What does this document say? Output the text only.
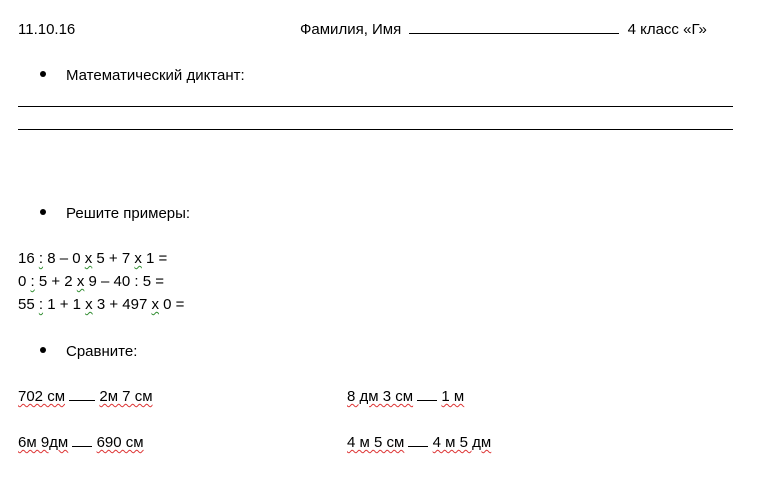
11.10.16	Фамилия, Имя	4 класс «Г»
Математический диктант:
Решите примеры:
16 : 8 – 0 х 5 + 7 х 1 =
0 : 5 + 2 х 9 – 40 : 5 =
55 : 1 + 1 х 3 + 497 х 0 =
Сравните:
702 см 2м 7 см	8 дм 3 см 1 м
6м 9дм 690 см	4 м 5 см 4 м 5 дм
